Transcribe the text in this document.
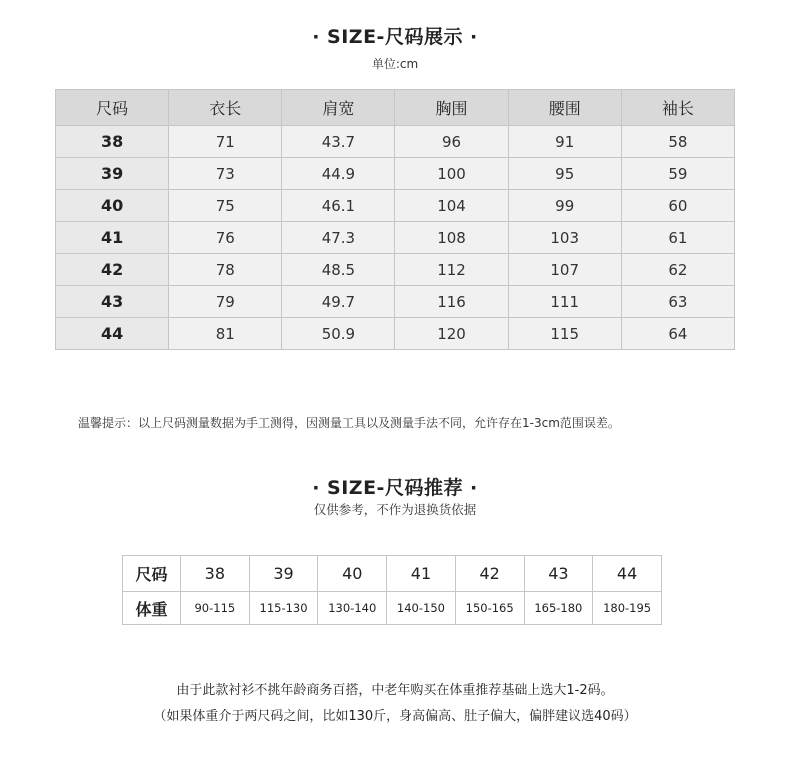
· SIZE-尺码展示 ·
单位:cm
尺码	衣长	肩宽	胸围	腰围	袖长
38	71	43.7	96	91	58
39	73	44.9	100	95	59
40	75	46.1	104	99	60
41	76	47.3	108	103	61
42	78	48.5	112	107	62
43	79	49.7	116	111	63
44	81	50.9	120	115	64
温馨提示：以上尺码测量数据为手工测得，因测量工具以及测量手法不同，允许存在1-3cm范围误差。
· SIZE-尺码推荐 ·
仅供参考，不作为退换货依据
尺码	38	39	40	41	42	43	44
体重	90-115	115-130	130-140	140-150	150-165	165-180	180-195
由于此款衬衫不挑年龄商务百搭，中老年购买在体重推荐基础上选大1-2码。
（如果体重介于两尺码之间，比如130斤，身高偏高、肚子偏大，偏胖建议选40码）
